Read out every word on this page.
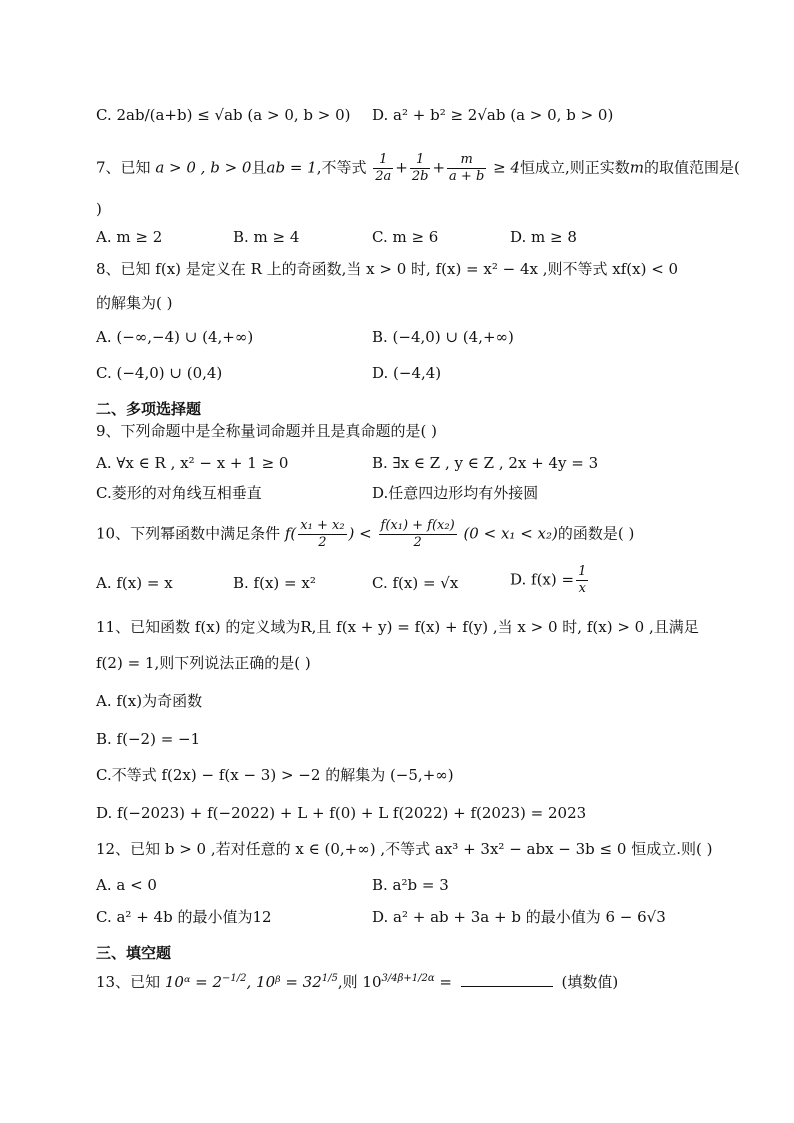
C. 2ab/(a+b) ≤ √ab (a > 0, b > 0) D. a² + b² ≥ 2√ab (a > 0, b > 0)
7、已知 a > 0 , b > 0且ab = 1,不等式 $\frac{1}{2a} + \frac{1}{2b} + \frac{m}{a + b} \ge 4$恒成立,则正实数m的取值范围是(
)
A. m ≥ 2	B. m ≥ 4	C. m ≥ 6	D. m ≥ 8
8、已知 f(x) 是定义在 R 上的奇函数,当 x > 0 时, f(x) = x² − 4x ,则不等式 xf(x) < 0
的解集为( )
A. (−∞,−4) ∪ (4,+∞)	B. (−4,0) ∪ (4,+∞)
C. (−4,0) ∪ (0,4)	D. (−4,4)
二、多项选择题
9、下列命题中是全称量词命题并且是真命题的是( )
A. ∀x ∈ R , x² − x + 1 ≥ 0	B. ∃x ∈ Z , y ∈ Z , 2x + 4y = 3
C.菱形的对角线互相垂直	D.任意四边形均有外接圆
10、下列幂函数中满足条件 $f( \frac{\text{x₁ + x₂}}{2}$ ) < $\frac{\text{f(x₁) + f(x₂)}}{2} (0 < x_1 < x_2)$的函数是( )
A. f(x) = x	B. f(x) = x²	C. f(x) = √x	D. $f(x) = \frac{1}{x}$
11、已知函数 f(x) 的定义域为R,且 f(x + y) = f(x) + f(y) ,当 x > 0 时, f(x) > 0 ,且满足
f(2) = 1,则下列说法正确的是( )
A. f(x)为奇函数
B. f(−2) = −1
C.不等式 f(2x) − f(x − 3) > −2 的解集为 (−5,+∞)
D. f(−2023) + f(−2022) + L + f(0) + L f(2022) + f(2023) = 2023
12、已知 b > 0 ,若对任意的 x ∈ (0,+∞) ,不等式 ax³ + 3x² − abx − 3b ≤ 0 恒成立.则( )
A. a < 0	B. a²b = 3
C. a² + 4b 的最小值为12	D. a² + ab + 3a + b 的最小值为 6 − 6√3
三、填空题
13、已知 10ᵅ = $2^{-1/2}$, 10ᵝ = $32^{1/5}$,则 $10^{3/4\beta+1/2\alpha}$ =	(填数值)
